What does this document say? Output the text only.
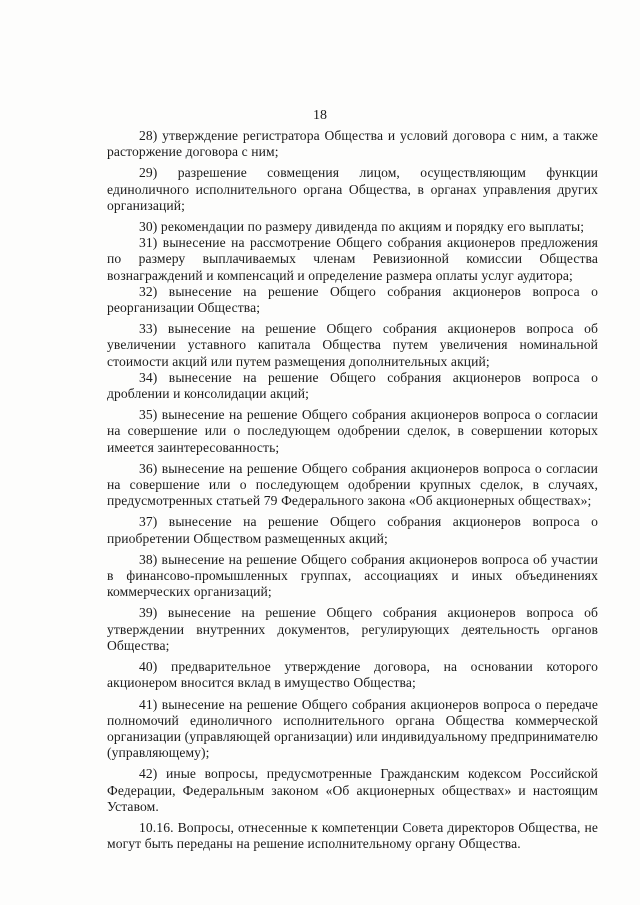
18

28) утверждение регистратора Общества и условий договора с ним, а также расторжение договора с ним;

29) разрешение совмещения лицом, осуществляющим функции единоличного исполнительного органа Общества, в органах управления других организаций;

30) рекомендации по размеру дивиденда по акциям и порядку его выплаты;

31) вынесение на рассмотрение Общего собрания акционеров предложения по размеру выплачиваемых членам Ревизионной комиссии Общества вознаграждений и компенсаций и определение размера оплаты услуг аудитора;

32) вынесение на решение Общего собрания акционеров вопроса о реорганизации Общества;

33) вынесение на решение Общего собрания акционеров вопроса об увеличении уставного капитала Общества путем увеличения номинальной стоимости акций или путем размещения дополнительных акций;

34) вынесение на решение Общего собрания акционеров вопроса о дроблении и консолидации акций;

35) вынесение на решение Общего собрания акционеров вопроса о согласии на совершение или о последующем одобрении сделок, в совершении которых имеется заинтересованность;

36) вынесение на решение Общего собрания акционеров вопроса о согласии на совершение или о последующем одобрении крупных сделок, в случаях, предусмотренных статьей 79 Федерального закона «Об акционерных обществах»;

37) вынесение на решение Общего собрания акционеров вопроса о приобретении Обществом размещенных акций;

38) вынесение на решение Общего собрания акционеров вопроса об участии в финансово-промышленных группах, ассоциациях и иных объединениях коммерческих организаций;

39) вынесение на решение Общего собрания акционеров вопроса об утверждении внутренних документов, регулирующих деятельность органов Общества;

40) предварительное утверждение договора, на основании которого акционером вносится вклад в имущество Общества;

41) вынесение на решение Общего собрания акционеров вопроса о передаче полномочий единоличного исполнительного органа Общества коммерческой организации (управляющей организации) или индивидуальному предпринимателю (управляющему);

42) иные вопросы, предусмотренные Гражданским кодексом Российской Федерации, Федеральным законом «Об акционерных обществах» и настоящим Уставом.

10.16. Вопросы, отнесенные к компетенции Совета директоров Общества, не могут быть переданы на решение исполнительному органу Общества.
